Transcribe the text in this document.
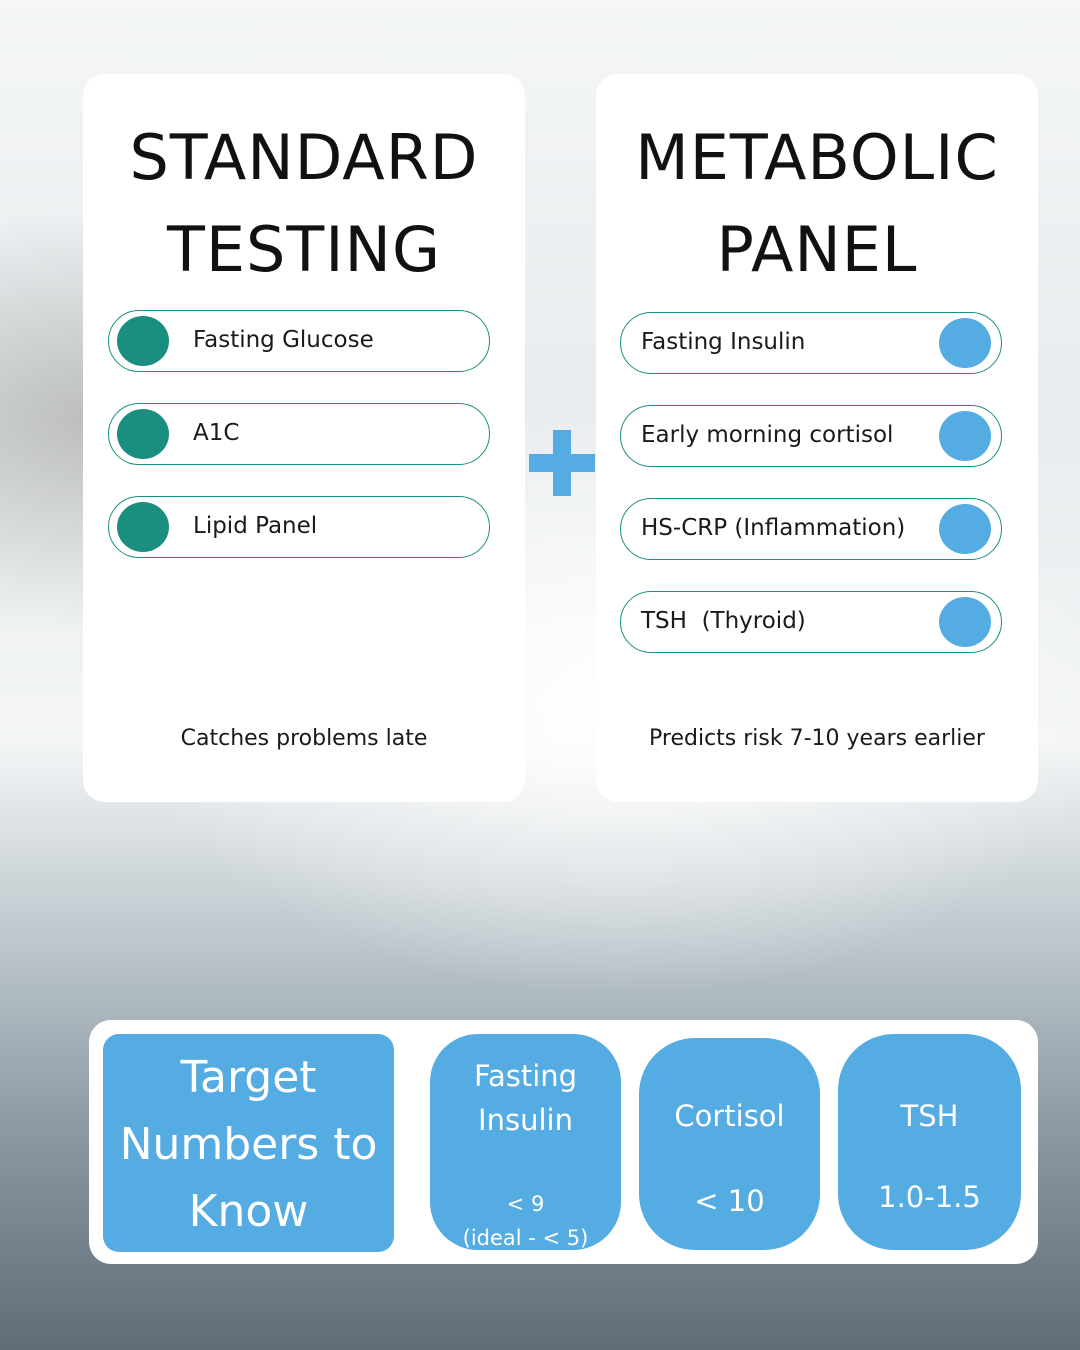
STANDARD
TESTING
Fasting Glucose
A1C
Lipid Panel
Catches problems late
METABOLIC
PANEL
Fasting Insulin
Early morning cortisol
HS-CRP (Inflammation)
TSH  (Thyroid)
Predicts risk 7-10 years earlier
Target
Numbers to
Know
Fasting
Insulin
< 9
(ideal - < 5)
Cortisol
< 10
TSH
1.0-1.5
